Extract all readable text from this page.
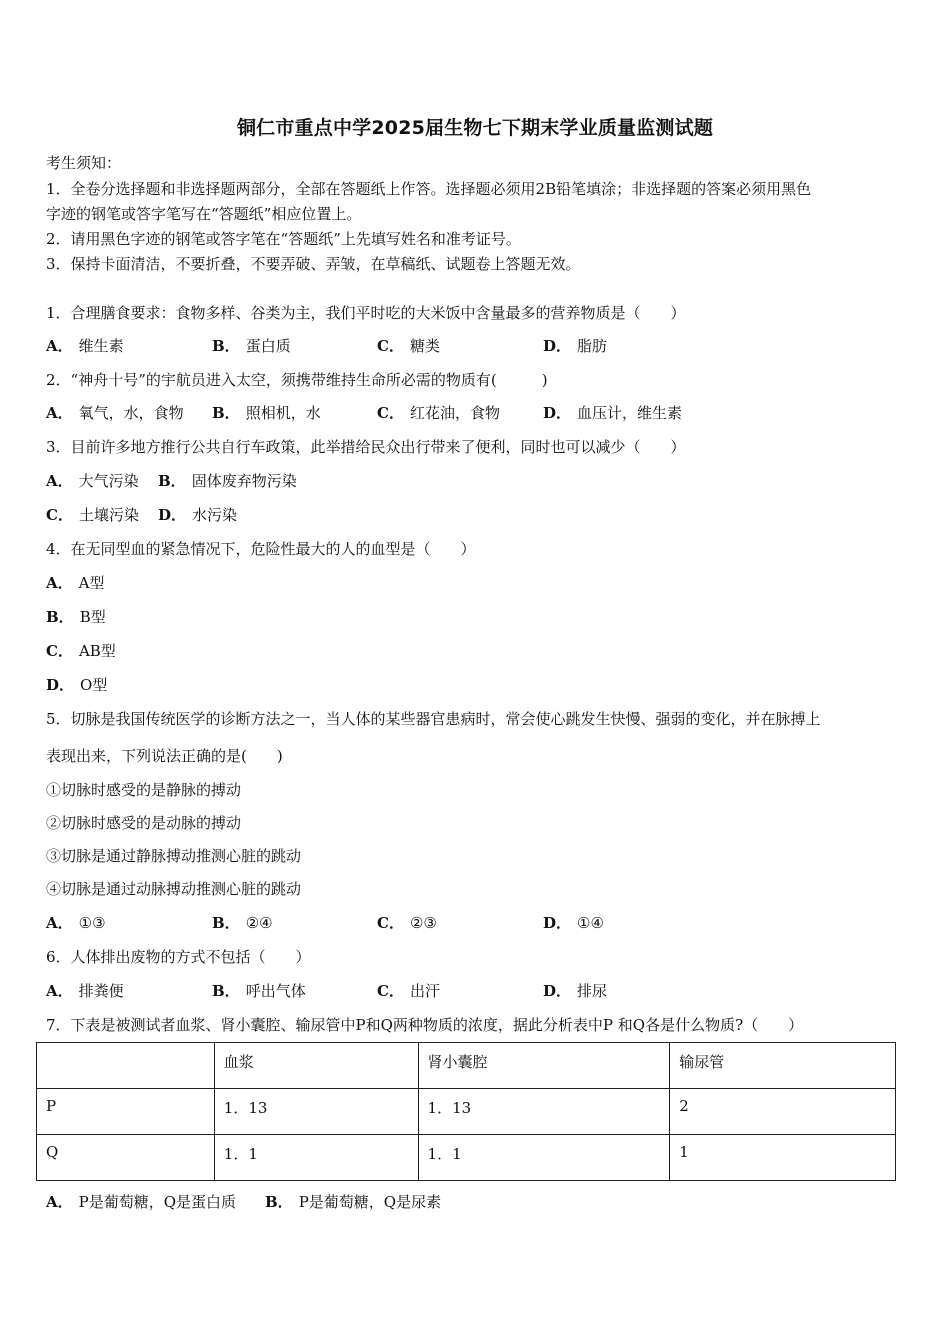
铜仁市重点中学2025届生物七下期末学业质量监测试题
考生须知：
1．全卷分选择题和非选择题两部分，全部在答题纸上作答。选择题必须用2B铅笔填涂；非选择题的答案必须用黑色
字迹的钢笔或答字笔写在“答题纸”相应位置上。
2．请用黑色字迹的钢笔或答字笔在“答题纸”上先填写姓名和准考证号。
3．保持卡面清洁，不要折叠，不要弄破、弄皱，在草稿纸、试题卷上答题无效。
1．合理膳食要求：食物多样、谷类为主，我们平时吃的大米饭中含量最多的营养物质是（　　）
A． 维生素	B． 蛋白质	C． 糖类	D． 脂肪
2．“神舟十号”的宇航员进入太空，须携带维持生命所必需的物质有(　　　)
A． 氧气，水，食物 B． 照相机，水	C． 红花油，食物	D． 血压计，维生素
3．目前许多地方推行公共自行车政策，此举措给民众出行带来了便利，同时也可以减少（　　）
A． 大气污染 B． 固体废弃物污染
C． 土壤污染 D． 水污染
4．在无同型血的紧急情况下，危险性最大的人的血型是（　　）
A． A型
B． B型
C． AB型
D． O型
5．切脉是我国传统医学的诊断方法之一，当人体的某些器官患病时，常会使心跳发生快慢、强弱的变化，并在脉搏上
表现出来，下列说法正确的是(　　)
①切脉时感受的是静脉的搏动
②切脉时感受的是动脉的搏动
③切脉是通过静脉搏动推测心脏的跳动
④切脉是通过动脉搏动推测心脏的跳动
A． ①③	B． ②④	C． ②③	D． ①④
6．人体排出废物的方式不包括（　　）
A． 排粪便	B． 呼出气体	C． 出汗	D． 排尿
7．下表是被测试者血浆、肾小囊腔、输尿管中P和Q两种物质的浓度，据此分析表中P 和Q各是什么物质?（　　）
	血浆	肾小囊腔	输尿管
P	1．13	1．13	2
Q	1．1	1．1	1
A． P是葡萄糖，Q是蛋白质 B． P是葡萄糖，Q是尿素
